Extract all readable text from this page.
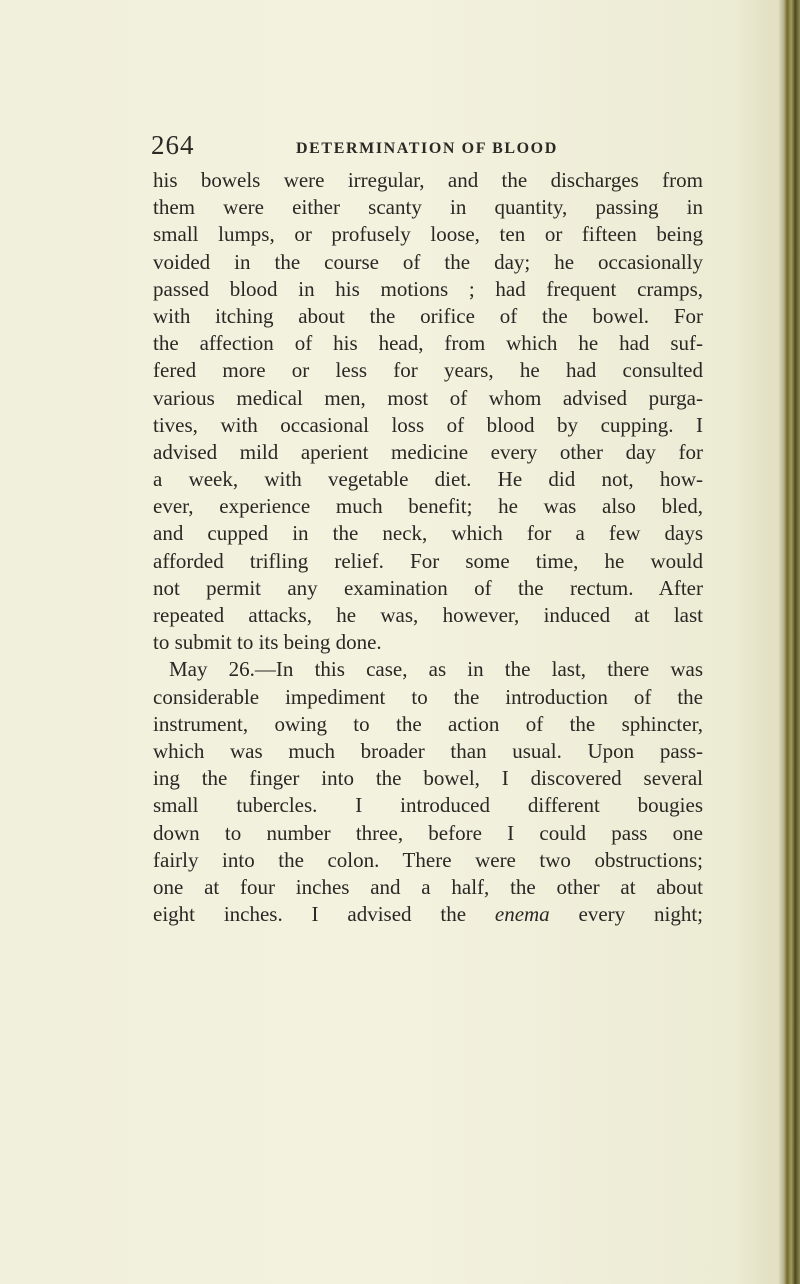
264	DETERMINATION OF BLOOD
his bowels were irregular, and the discharges from
them were either scanty in quantity, passing in
small lumps, or profusely loose, ten or fifteen being
voided in the course of the day; he occasionally
passed blood in his motions ; had frequent cramps,
with itching about the orifice of the bowel. For
the affection of his head, from which he had suf-
fered more or less for years, he had consulted
various medical men, most of whom advised purga-
tives, with occasional loss of blood by cupping. I
advised mild aperient medicine every other day for
a week, with vegetable diet. He did not, how-
ever, experience much benefit; he was also bled,
and cupped in the neck, which for a few days
afforded trifling relief. For some time, he would
not permit any examination of the rectum. After
repeated attacks, he was, however, induced at last
to submit to its being done.
May 26.—In this case, as in the last, there was
considerable impediment to the introduction of the
instrument, owing to the action of the sphincter,
which was much broader than usual. Upon pass-
ing the finger into the bowel, I discovered several
small tubercles. I introduced different bougies
down to number three, before I could pass one
fairly into the colon. There were two obstructions;
one at four inches and a half, the other at about
eight inches. I advised the enema every night;
